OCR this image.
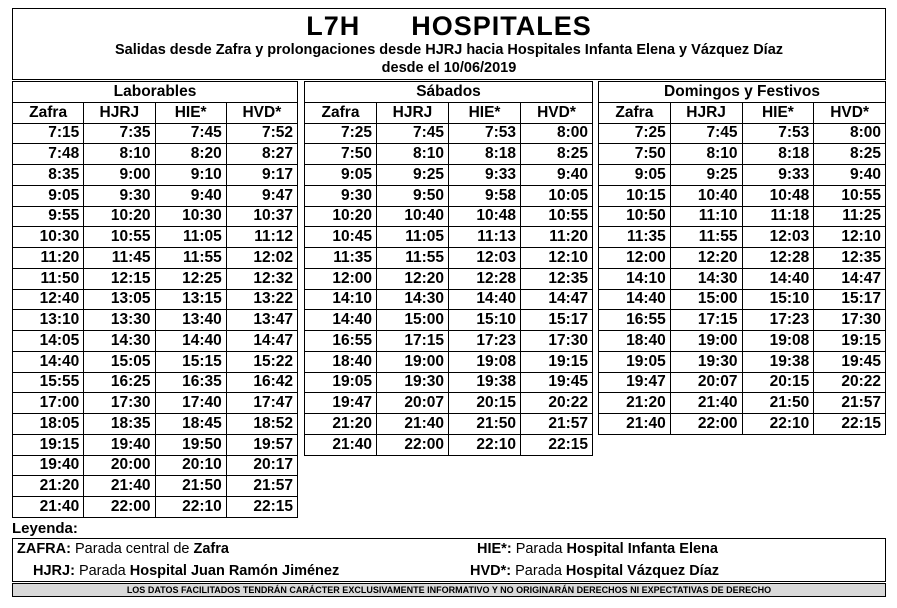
L7H HOSPITALES
Salidas desde Zafra y prolongaciones desde HJRJ hacia Hospitales Infanta Elena y Vázquez Díaz
desde el 10/06/2019
Laborables			
Zafra	HJRJ	HIE*	HVD*
7:15	7:35	7:45	7:52
7:48	8:10	8:20	8:27
8:35	9:00	9:10	9:17
9:05	9:30	9:40	9:47
9:55	10:20	10:30	10:37
10:30	10:55	11:05	11:12
11:20	11:45	11:55	12:02
11:50	12:15	12:25	12:32
12:40	13:05	13:15	13:22
13:10	13:30	13:40	13:47
14:05	14:30	14:40	14:47
14:40	15:05	15:15	15:22
15:55	16:25	16:35	16:42
17:00	17:30	17:40	17:47
18:05	18:35	18:45	18:52
19:15	19:40	19:50	19:57
19:40	20:00	20:10	20:17
21:20	21:40	21:50	21:57
21:40	22:00	22:10	22:15
Sábados			
Zafra	HJRJ	HIE*	HVD*
7:25	7:45	7:53	8:00
7:50	8:10	8:18	8:25
9:05	9:25	9:33	9:40
9:30	9:50	9:58	10:05
10:20	10:40	10:48	10:55
10:45	11:05	11:13	11:20
11:35	11:55	12:03	12:10
12:00	12:20	12:28	12:35
14:10	14:30	14:40	14:47
14:40	15:00	15:10	15:17
16:55	17:15	17:23	17:30
18:40	19:00	19:08	19:15
19:05	19:30	19:38	19:45
19:47	20:07	20:15	20:22
21:20	21:40	21:50	21:57
21:40	22:00	22:10	22:15
Domingos y Festivos			
Zafra	HJRJ	HIE*	HVD*
7:25	7:45	7:53	8:00
7:50	8:10	8:18	8:25
9:05	9:25	9:33	9:40
10:15	10:40	10:48	10:55
10:50	11:10	11:18	11:25
11:35	11:55	12:03	12:10
12:00	12:20	12:28	12:35
14:10	14:30	14:40	14:47
14:40	15:00	15:10	15:17
16:55	17:15	17:23	17:30
18:40	19:00	19:08	19:15
19:05	19:30	19:38	19:45
19:47	20:07	20:15	20:22
21:20	21:40	21:50	21:57
21:40	22:00	22:10	22:15
Leyenda:
ZAFRA: Parada central de Zafra
HJRJ: Parada Hospital Juan Ramón Jiménez
HIE*: Parada Hospital Infanta Elena
HVD*: Parada Hospital Vázquez Díaz
LOS DATOS FACILITADOS TENDRÁN CARÁCTER EXCLUSIVAMENTE INFORMATIVO Y NO ORIGINARÁN DERECHOS NI EXPECTATIVAS DE DERECHO
